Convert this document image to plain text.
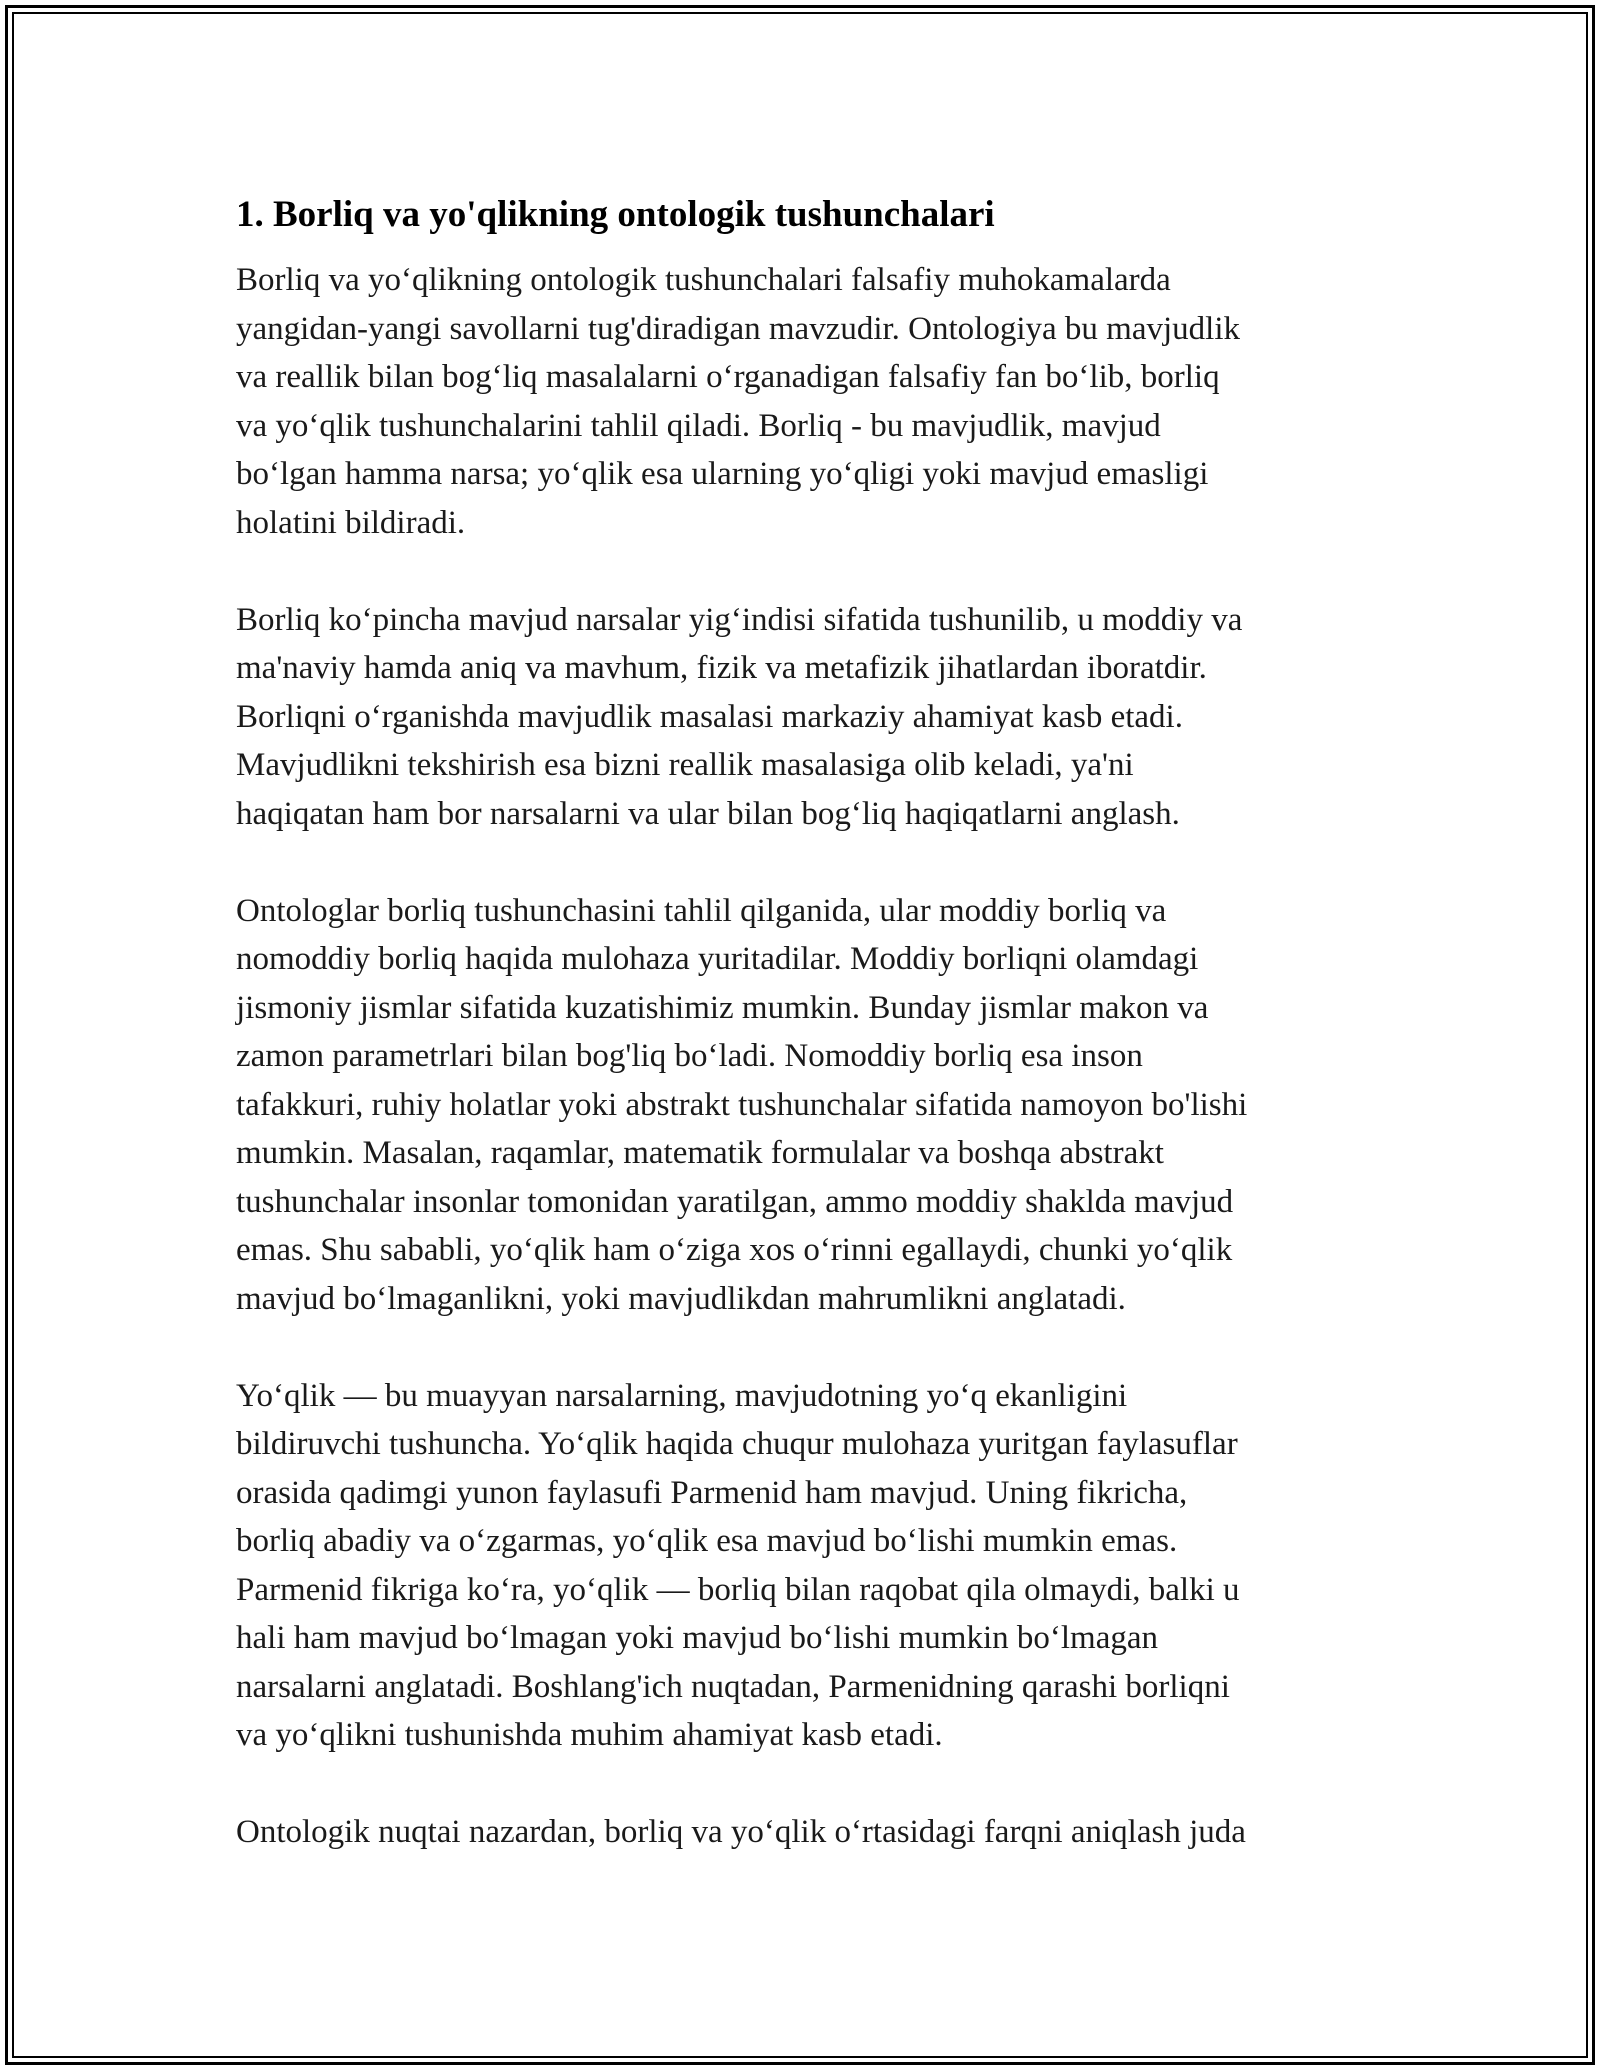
1. Borliq va yo'qlikning ontologik tushunchalari

Borliq va yo‘qlikning ontologik tushunchalari falsafiy muhokamalarda
yangidan-yangi savollarni tug'diradigan mavzudir. Ontologiya bu mavjudlik
va reallik bilan bog‘liq masalalarni o‘rganadigan falsafiy fan bo‘lib, borliq
va yo‘qlik tushunchalarini tahlil qiladi. Borliq - bu mavjudlik, mavjud
bo‘lgan hamma narsa; yo‘qlik esa ularning yo‘qligi yoki mavjud emasligi
holatini bildiradi.

Borliq ko‘pincha mavjud narsalar yig‘indisi sifatida tushunilib, u moddiy va
ma'naviy hamda aniq va mavhum, fizik va metafizik jihatlardan iboratdir.
Borliqni o‘rganishda mavjudlik masalasi markaziy ahamiyat kasb etadi.
Mavjudlikni tekshirish esa bizni reallik masalasiga olib keladi, ya'ni
haqiqatan ham bor narsalarni va ular bilan bog‘liq haqiqatlarni anglash.

Ontologlar borliq tushunchasini tahlil qilganida, ular moddiy borliq va
nomoddiy borliq haqida mulohaza yuritadilar. Moddiy borliqni olamdagi
jismoniy jismlar sifatida kuzatishimiz mumkin. Bunday jismlar makon va
zamon parametrlari bilan bog'liq bo‘ladi. Nomoddiy borliq esa inson
tafakkuri, ruhiy holatlar yoki abstrakt tushunchalar sifatida namoyon bo'lishi
mumkin. Masalan, raqamlar, matematik formulalar va boshqa abstrakt
tushunchalar insonlar tomonidan yaratilgan, ammo moddiy shaklda mavjud
emas. Shu sababli, yo‘qlik ham o‘ziga xos o‘rinni egallaydi, chunki yo‘qlik
mavjud bo‘lmaganlikni, yoki mavjudlikdan mahrumlikni anglatadi.

Yo‘qlik — bu muayyan narsalarning, mavjudotning yo‘q ekanligini
bildiruvchi tushuncha. Yo‘qlik haqida chuqur mulohaza yuritgan faylasuflar
orasida qadimgi yunon faylasufi Parmenid ham mavjud. Uning fikricha,
borliq abadiy va o‘zgarmas, yo‘qlik esa mavjud bo‘lishi mumkin emas.
Parmenid fikriga ko‘ra, yo‘qlik — borliq bilan raqobat qila olmaydi, balki u
hali ham mavjud bo‘lmagan yoki mavjud bo‘lishi mumkin bo‘lmagan
narsalarni anglatadi. Boshlang'ich nuqtadan, Parmenidning qarashi borliqni
va yo‘qlikni tushunishda muhim ahamiyat kasb etadi.

Ontologik nuqtai nazardan, borliq va yo‘qlik o‘rtasidagi farqni aniqlash juda
